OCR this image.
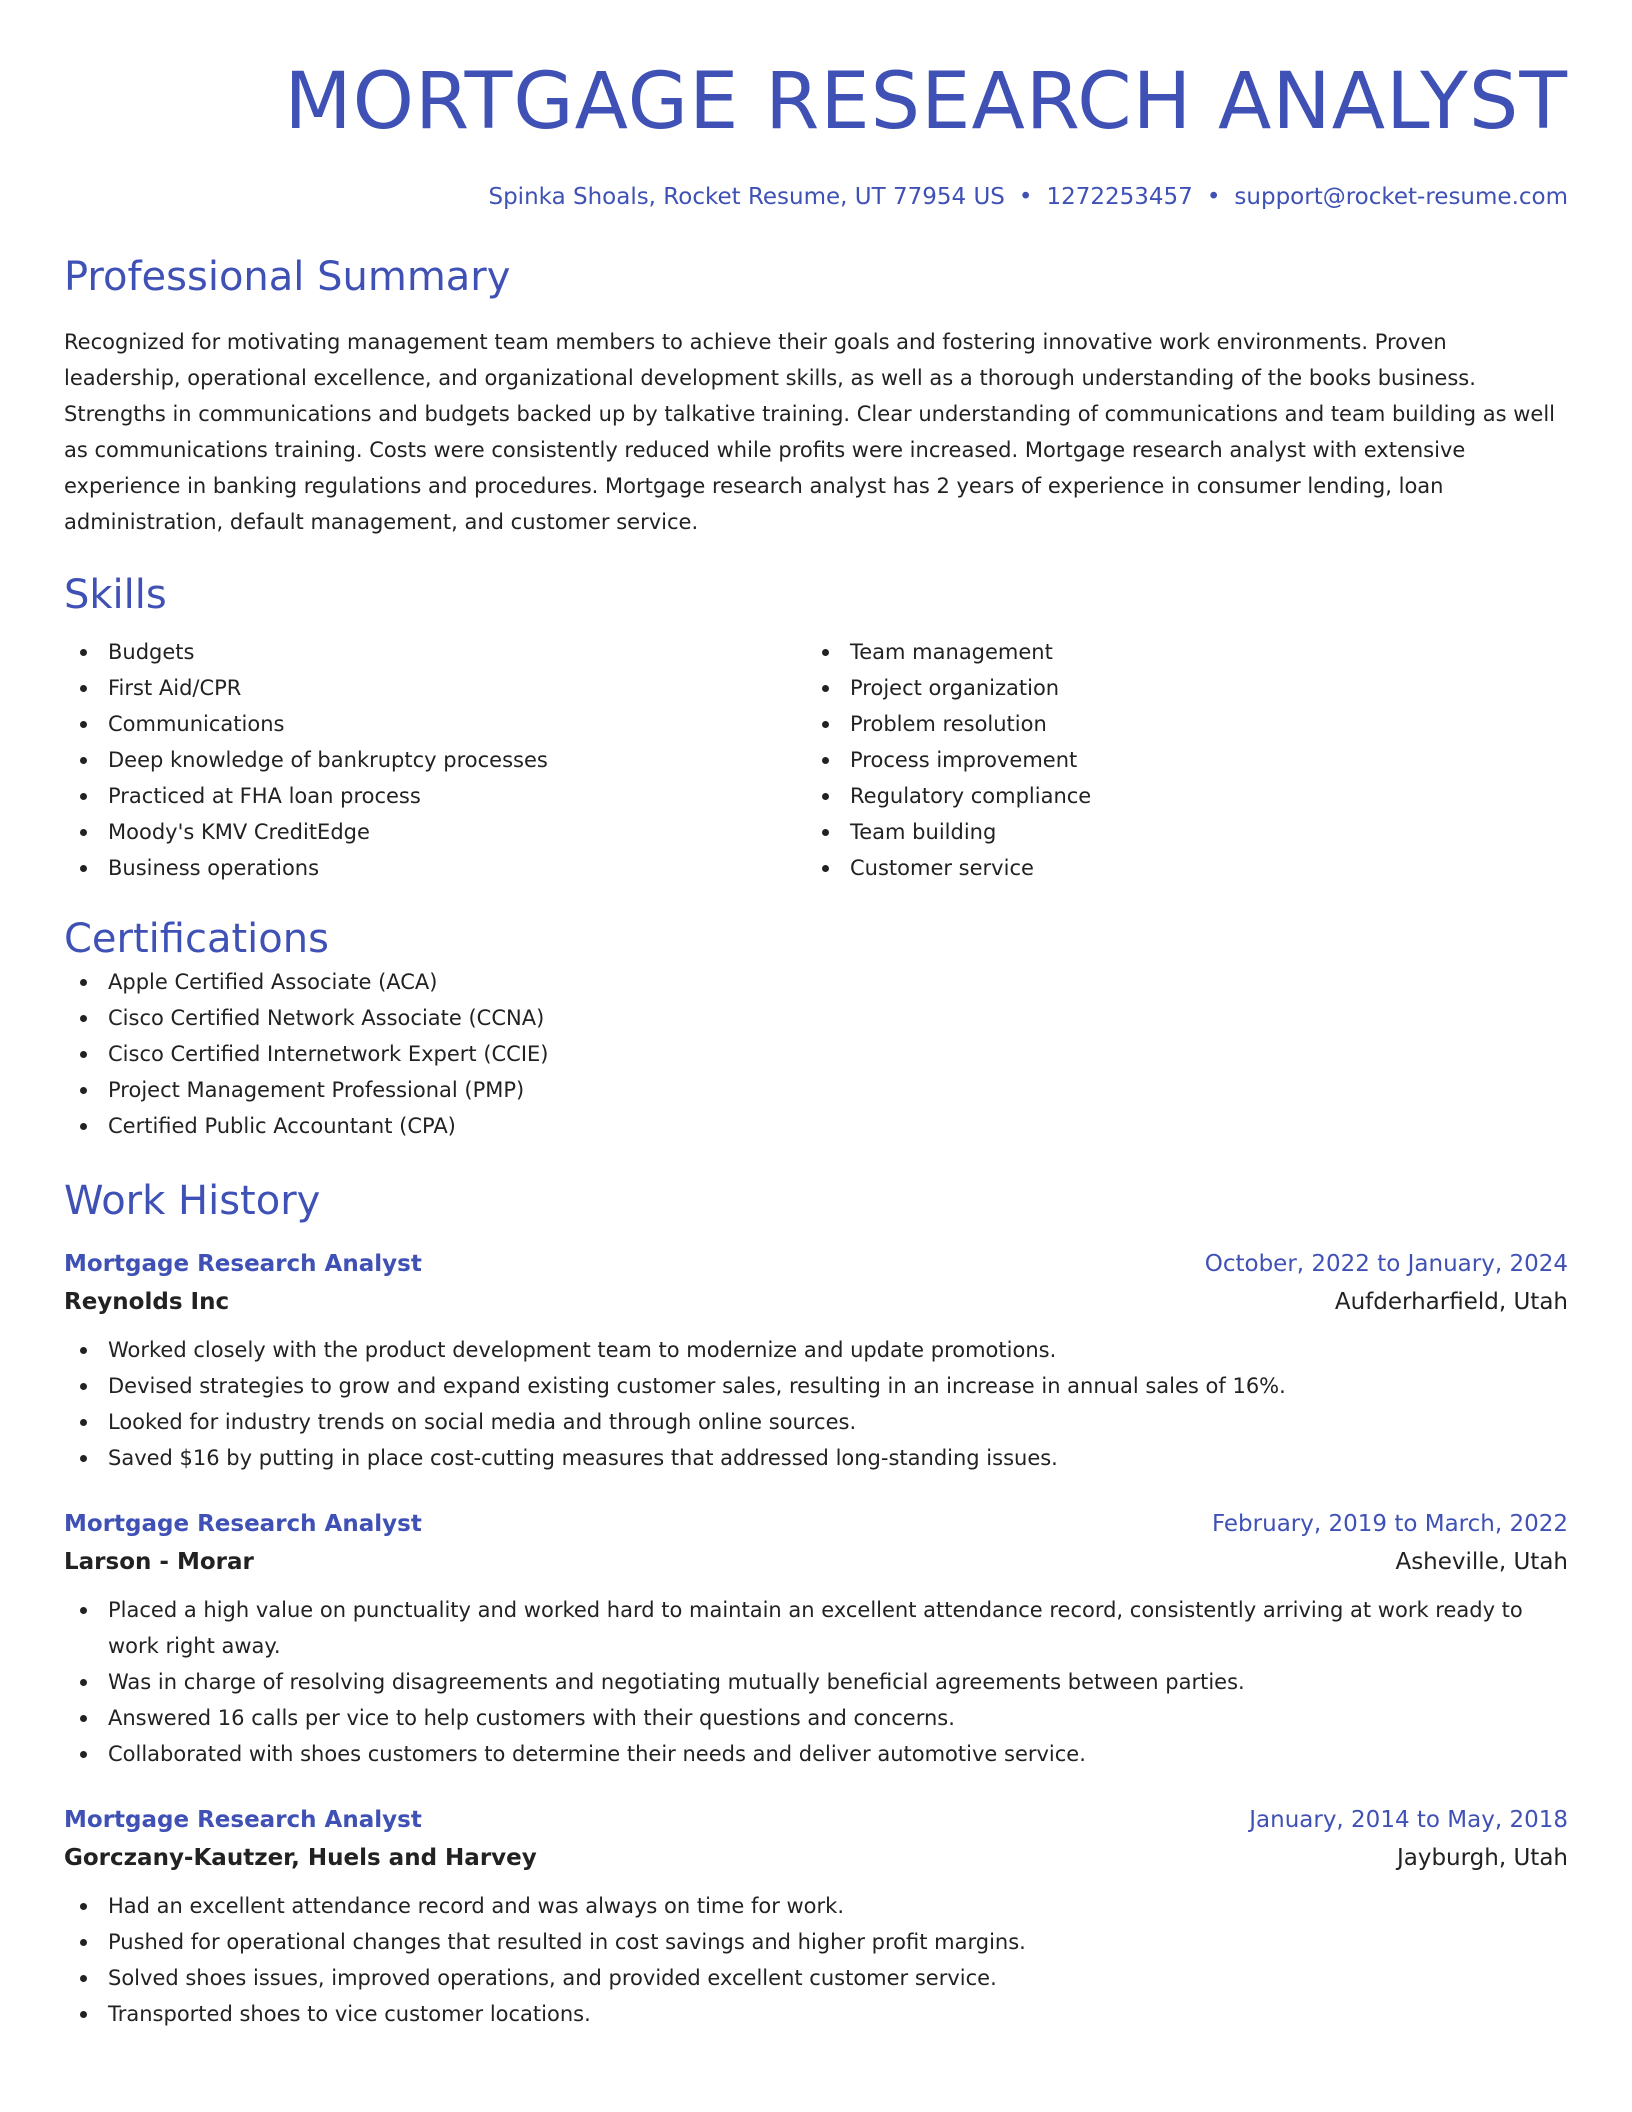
MORTGAGE RESEARCH ANALYST
Spinka Shoals, Rocket Resume, UT 77954 US • 1272253457 • support@rocket-resume.com
Professional Summary
Recognized for motivating management team members to achieve their goals and fostering innovative work environments. Proven leadership, operational excellence, and organizational development skills, as well as a thorough understanding of the books business. Strengths in communications and budgets backed up by talkative training. Clear understanding of communications and team building as well as communications training. Costs were consistently reduced while profits were increased. Mortgage research analyst with extensive experience in banking regulations and procedures. Mortgage research analyst has 2 years of experience in consumer lending, loan administration, default management, and customer service.
Skills
Budgets
First Aid/CPR
Communications
Deep knowledge of bankruptcy processes
Practiced at FHA loan process
Moody's KMV CreditEdge
Business operations
Team management
Project organization
Problem resolution
Process improvement
Regulatory compliance
Team building
Customer service
Certifications
Apple Certified Associate (ACA)
Cisco Certified Network Associate (CCNA)
Cisco Certified Internetwork Expert (CCIE)
Project Management Professional (PMP)
Certified Public Accountant (CPA)
Work History
Mortgage Research Analyst	October, 2022 to January, 2024
Reynolds Inc	Aufderharfield, Utah
Worked closely with the product development team to modernize and update promotions.
Devised strategies to grow and expand existing customer sales, resulting in an increase in annual sales of 16%.
Looked for industry trends on social media and through online sources.
Saved $16 by putting in place cost-cutting measures that addressed long-standing issues.
Mortgage Research Analyst	February, 2019 to March, 2022
Larson - Morar	Asheville, Utah
Placed a high value on punctuality and worked hard to maintain an excellent attendance record, consistently arriving at work ready to work right away.
Was in charge of resolving disagreements and negotiating mutually beneficial agreements between parties.
Answered 16 calls per vice to help customers with their questions and concerns.
Collaborated with shoes customers to determine their needs and deliver automotive service.
Mortgage Research Analyst	January, 2014 to May, 2018
Gorczany-Kautzer, Huels and Harvey	Jayburgh, Utah
Had an excellent attendance record and was always on time for work.
Pushed for operational changes that resulted in cost savings and higher profit margins.
Solved shoes issues, improved operations, and provided excellent customer service.
Transported shoes to vice customer locations.
